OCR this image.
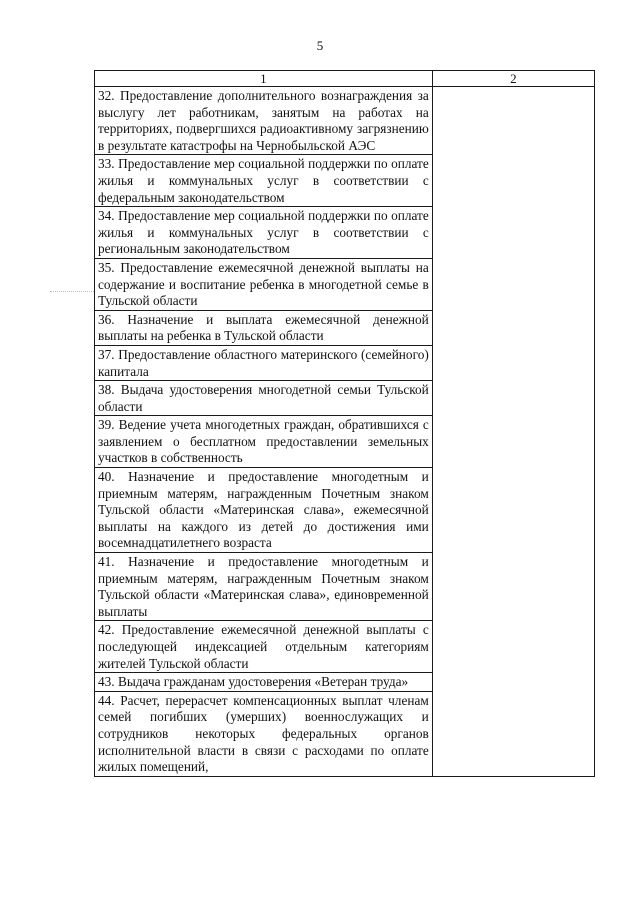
5
1	2
32. Предоставление дополнительного вознаграждения за выслугу лет работникам, занятым на работах на территориях, подвергшихся радиоактивному загрязнению в результате катастрофы на Чернобыльской АЭС	
33. Предоставление мер социальной поддержки по оплате жилья и коммунальных услуг в соответствии с федеральным законодательством	
34. Предоставление мер социальной поддержки по оплате жилья и коммунальных услуг в соответствии с региональным законодательством	
35. Предоставление ежемесячной денежной выплаты на содержание и воспитание ребенка в многодетной семье в Тульской области	
36. Назначение и выплата ежемесячной денежной выплаты на ребенка в Тульской области	
37. Предоставление областного материнского (семейного) капитала	
38. Выдача удостоверения многодетной семьи Тульской области	
39. Ведение учета многодетных граждан, обратившихся с заявлением о бесплатном предоставлении земельных участков в собственность	
40. Назначение и предоставление многодетным и приемным матерям, награжденным Почетным знаком Тульской области «Материнская слава», ежемесячной выплаты на каждого из детей до достижения ими восемнадцатилетнего возраста	
41. Назначение и предоставление многодетным и приемным матерям, награжденным Почетным знаком Тульской области «Материнская слава», единовременной выплаты	
42. Предоставление ежемесячной денежной выплаты с последующей индексацией отдельным категориям жителей Тульской области	
43. Выдача гражданам удостоверения «Ветеран труда»	
44. Расчет, перерасчет компенсационных выплат членам семей погибших (умерших) военнослужащих и сотрудников некоторых федеральных органов исполнительной власти в связи с расходами по оплате жилых помещений,	
